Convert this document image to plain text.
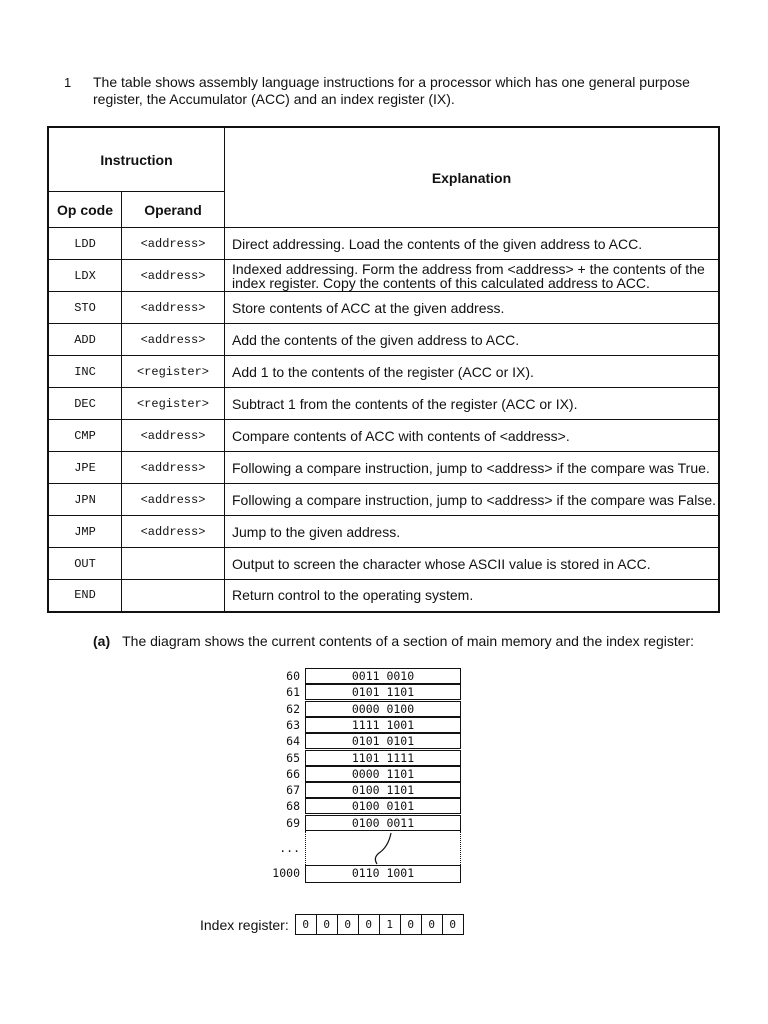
1 The table shows assembly language instructions for a processor which has one general purpose register, the Accumulator (ACC) and an index register (IX).
Instruction		Explanation
Op code	Operand	
LDD	<address>	Direct addressing. Load the contents of the given address to ACC.
LDX	<address>	Indexed addressing. Form the address from <address> + the contents of the index register. Copy the contents of this calculated address to ACC.
STO	<address>	Store contents of ACC at the given address.
ADD	<address>	Add the contents of the given address to ACC.
INC	<register>	Add 1 to the contents of the register (ACC or IX).
DEC	<register>	Subtract 1 from the contents of the register (ACC or IX).
CMP	<address>	Compare contents of ACC with contents of <address>.
JPE	<address>	Following a compare instruction, jump to <address> if the compare was True.
JPN	<address>	Following a compare instruction, jump to <address> if the compare was False.
JMP	<address>	Jump to the given address.
OUT		Output to screen the character whose ASCII value is stored in ACC.
END		Return control to the operating system.
(a) The diagram shows the current contents of a section of main memory and the index register:
60	0011 0010
61	0101 1101
62	0000 0100
63	1111 1001
64	0101 0101
65	1101 1111
66	0000 1101
67	0100 1101
68	0100 0101
69	0100 0011
...
1000	0110 1001
Index register:	0	0	0	0	1	0	0	0
